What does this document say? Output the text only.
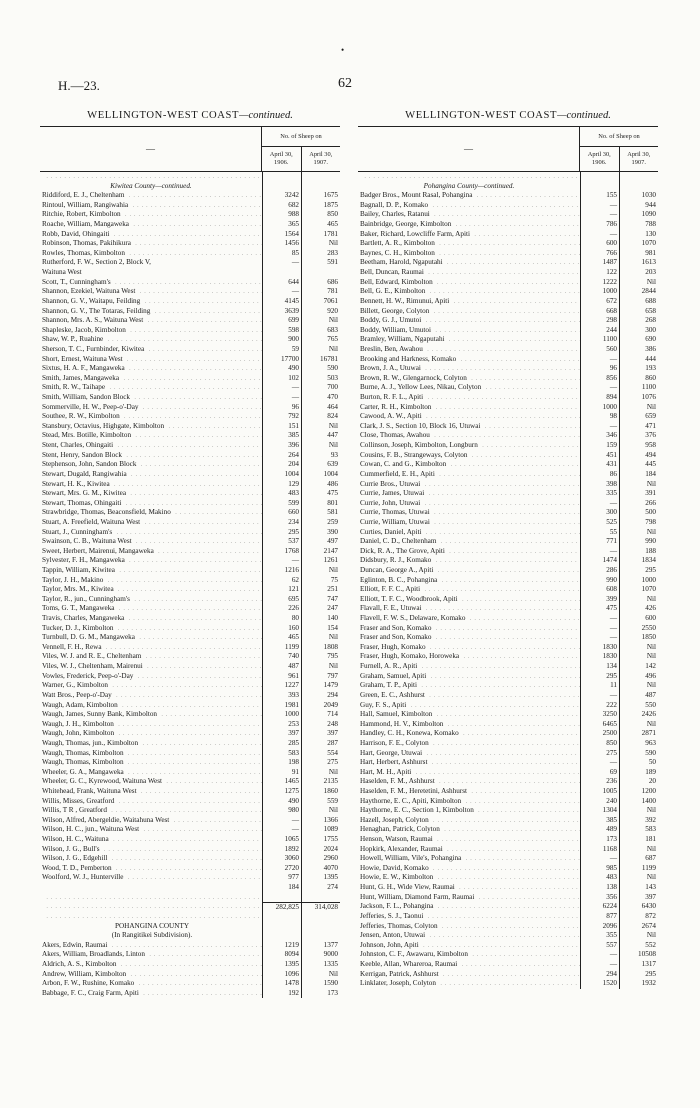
•
H.—23.	62
WELLINGTON-WEST COAST—continued.
—
No. of Sheep on
April 30, 1906.
April 30, 1907.
. . .
Kiwitea County—continued.
Riddiford, E. J., Cheltenham . . .	3242	1675
Rintoul, William, Rangiwahia . . .	682	1875
Ritchie, Robert, Kimbolton . . .	988	850
Roache, William, Mangaweka . . .	365	465
Robb, David, Ohingaiti . . .	1564	1781
Robinson, Thomas, Pakihikura . . .	1456	Nil
Rowles, Thomas, Kimbolton . . .	85	283
Rutherford, F. W., Section 2, Block V,	—	591
Waituna West
Scott, T., Cunningham's . . .	644	686
Shannon, Ezekiel, Waituna West . . .	—	781
Shannon, G. V., Waitapu, Feilding . . .	4145	7061
Shannon, G. V., The Totaras, Feilding . . .	3639	920
Shannon, Mrs. A. S., Waituna West . . .	699	Nil
Shapleske, Jacob, Kimbolton . . .	598	683
Shaw, W. P., Ruahine . . .	900	765
Sherson, T. C., Furnbinder, Kiwitea . . .	59	Nil
Short, Ernest, Waituna West . . .	17700	16781
Sixtus, H. A. F., Mangaweka . . .	490	590
Smith, James, Mangaweka . . .	102	503
Smith, R. W., Taihape . . .	—	700
Smith, William, Sandon Block . . .	—	470
Sommerville, H. W., Peep-o'-Day . . .	96	464
Southee, R. W., Kimbolton . . .	792	824
Stansbury, Octavius, Highgate, Kimbolton . . .	151	Nil
Stead, Mrs. Botille, Kimbolton . . .	385	447
Stent, Charles, Ohingaiti . . .	396	Nil
Stent, Henry, Sandon Block . . .	264	93
Stephenson, John, Sandon Block . . .	204	639
Stewart, Dugald, Rangiwahia . . .	1004	1004
Stewart, H. K., Kiwitea . . .	129	486
Stewart, Mrs. G. M., Kiwitea . . .	483	475
Stewart, Thomas, Ohingaiti . . .	599	801
Strawbridge, Thomas, Beaconsfield, Makino . . .	660	581
Stuart, A. Freefield, Waituna West . . .	234	259
Stuart, J., Cunningham's . . .	295	390
Swainson, C. B., Waituna West . . .	537	497
Sweet, Herbert, Mairenui, Mangaweka . . .	1768	2147
Sylvester, F. H., Mangaweka . . .	—	1261
Tappin, William, Kiwitea . . .	1216	Nil
Taylor, J. H., Makino . . .	62	75
Taylor, Mrs. M., Kiwitea . . .	121	251
Taylor, R., jun., Cunningham's . . .	695	747
Toms, G. T., Mangaweka . . .	226	247
Travis, Charles, Mangaweka . . .	80	140
Tucker, D. J., Kimbolton . . .	160	154
Turnbull, D. G. M., Mangaweka . . .	465	Nil
Vennell, F. H., Rewa . . .	1199	1808
Viles, W. J. and R. E., Cheltenham . . .	740	795
Viles, W. J., Cheltenham, Mairenui . . .	487	Nil
Vowles, Frederick, Peep-o'-Day . . .	961	797
Warner, G., Kimbolton . . .	1227	1479
Watt Bros., Peep-o'-Day . . .	393	294
Waugh, Adam, Kimbolton . . .	1981	2049
Waugh, James, Sunny Bank, Kimbolton . . .	1000	714
Waugh, J. H., Kimbolton . . .	253	248
Waugh, John, Kimbolton . . .	397	397
Waugh, Thomas, jun., Kimbolton . . .	285	287
Waugh, Thomas, Kimbolton . . .	583	554
Waugh, Thomas, Kimbolton . . .	198	275
Wheeler, G. A., Mangaweka . . .	91	Nil
Wheeler, G. C., Kyrewood, Waituna West . . .	1465	2135
Whitehead, Frank, Waituna West . . .	1275	1860
Willis, Misses, Greatford . . .	490	559
Willis, T R , Greatford . . .	980	Nil
Wilson, Alfred, Abergeldie, Waitahuna West . . .	—	1366
Wilson, H. C., jun., Waituna West . . .	—	1089
Wilson, H. C., Waituna . . .	1065	1755
Wilson, J. G., Bull's . . .	1892	2024
Wilson, J. G., Edgehill . . .	3060	2960
Wood, T. D., Pemberton . . .	2720	4070
Woolford, W. J., Hunterville . . .	977	1395
184	274
. . .
. . .
282,825	314,028
. . .
POHANGINA COUNTY
(In Rangitikei Subdivision).
Akers, Edwin, Raumai . . .	1219	1377
Akers, William, Broadlands, Linton . . .	8094	9000
Aldrich, A. S., Kimbolton . . .	1395	1335
Andrew, William, Kimbolton . . .	1096	Nil
Arbon, F. W., Rushine, Komako . . .	1478	1590
Babbage, F. C., Craig Farm, Apiti . . .	192	173
WELLINGTON-WEST COAST—continued.
—
No. of Sheep on
April 30, 1906.
April 30, 1907.
. . .
Pohangina County—continued.
Badger Bros., Mount Rasal, Pohangina . . .	155	1030
Bagnall, D. P., Komako . . .	—	944
Bailey, Charles, Ratanui . . .	—	1090
Bainbridge, George, Kimbolton . . .	786	788
Baker, Richard, Lowcliffe Farm, Apiti . . .	—	130
Bartlett, A. R., Kimbolton . . .	600	1070
Baynes, C. H., Kimbolton . . .	766	981
Beetham, Harold, Ngaputahi . . .	1487	1613
Bell, Duncan, Raumai . . .	122	203
Bell, Edward, Kimbolton . . .	1222	Nil
Bell, G. E., Kimbolton . . .	1000	2844
Bennett, H. W., Rimunui, Apiti . . .	672	688
Billett, George, Colyton . . .	668	658
Boddy, G. J., Umutoi . . .	298	268
Boddy, William, Umutoi . . .	244	300
Bramley, William, Ngaputahi . . .	1100	690
Breslin, Ben, Awahou . . .	560	386
Brooking and Harkness, Komako . . .	—	444
Brown, J. A., Utuwai . . .	96	193
Brown, R. W., Glengarnock, Colyton . . .	856	860
Burne, A. J., Yellow Lees, Nikau, Colyton . . .	—	1100
Burton, R. F. L., Apiti . . .	894	1076
Carter, R. H., Kimbolton . . .	1000	Nil
Cawood, A. W., Apiti . . .	98	659
Clark, J. S., Section 10, Block 16, Utuwai . . .	—	471
Close, Thomas, Awahou . . .	346	376
Collinson, Joseph, Kimbolton, Longburn . . .	159	958
Cousins, F. B., Strangeways, Colyton . . .	451	494
Cowan, C. and G., Kimbolton . . .	431	445
Cummerfield, E. H., Apiti . . .	86	184
Currie Bros., Utuwai . . .	398	Nil
Currie, James, Utuwai . . .	335	391
Currie, John, Utuwai . . .	—	266
Currie, Thomas, Utuwai . . .	300	500
Currie, William, Utuwai . . .	525	798
Curties, Daniel, Apiti . . .	55	Nil
Daniel, C. D., Cheltenham . . .	771	990
Dick, R. A., The Grove, Apiti . . .	—	188
Didsbury, R. J., Komako . . .	1474	1834
Duncan, George A., Apiti . . .	286	295
Eglinton, B. C., Pohangina . . .	990	1000
Elliott, F. F. C., Apiti . . .	608	1070
Elliott, T. F. C., Woodbrook, Apiti . . .	399	Nil
Flavall, F. E., Utuwai . . .	475	426
Flavell, F. W. S., Delaware, Komako . . .	—	600
Fraser and Son, Komako . . .	—	2550
Fraser and Son, Komako . . .	—	1850
Fraser, Hugh, Komako . . .	1830	Nil
Fraser, Hugh, Komako, Horoweka . . .	1830	Nil
Furnell, A. R., Apiti . . .	134	142
Graham, Samuel, Apiti . . .	295	496
Graham, T. P., Apiti . . .	11	Nil
Green, E. C., Ashhurst . . .	—	487
Guy, F. S., Apiti . . .	222	550
Hall, Samuel, Kimbolton . . .	3250	2426
Hammond, H. V., Kimbolton . . .	6465	Nil
Handley, C. H., Konewa, Komako . . .	2500	2871
Harrison, F. E., Colyton . . .	850	963
Hart, George, Utuwai . . .	275	590
Hart, Herbert, Ashhurst . . .	—	50
Hart, M. H., Apiti . . .	69	189
Haselden, F. M., Ashhurst . . .	236	20
Haselden, F. M., Heretetini, Ashhurst . . .	1005	1200
Haythorne, E. C., Apiti, Kimbolton . . .	240	1400
Haythorne, E. C., Section 1, Kimbolton . . .	1304	Nil
Hazell, Joseph, Colyton . . .	385	392
Henaghan, Patrick, Colyton . . .	489	583
Henson, Watson, Raumai . . .	173	181
Hopkirk, Alexander, Raumai . . .	1168	Nil
Howell, William, Vile's, Pohangina . . .	—	687
Howie, David, Komako . . .	985	1199
Howie, E. W., Kimbolton . . .	483	Nil
Hunt, G. H., Wide View, Raumai . . .	138	143
Hunt, William, Diamond Farm, Raumai . . .	356	397
Jackson, F. L., Pohangina . . .	6224	6430
Jefferies, S. J., Taonui . . .	877	872
Jefferies, Thomas, Colyton . . .	2096	2674
Jensen, Anton, Utuwai . . .	355	Nil
Johnson, John, Apiti . . .	557	552
Johnston, C. F., Awawaru, Kimbolton . . .	—	10508
Keeble, Allan, Whareroa, Raumai . . .	—	1317
Kerrigan, Patrick, Ashhurst . . .	294	295
Linklater, Joseph, Colyton . . .	1520	1932
